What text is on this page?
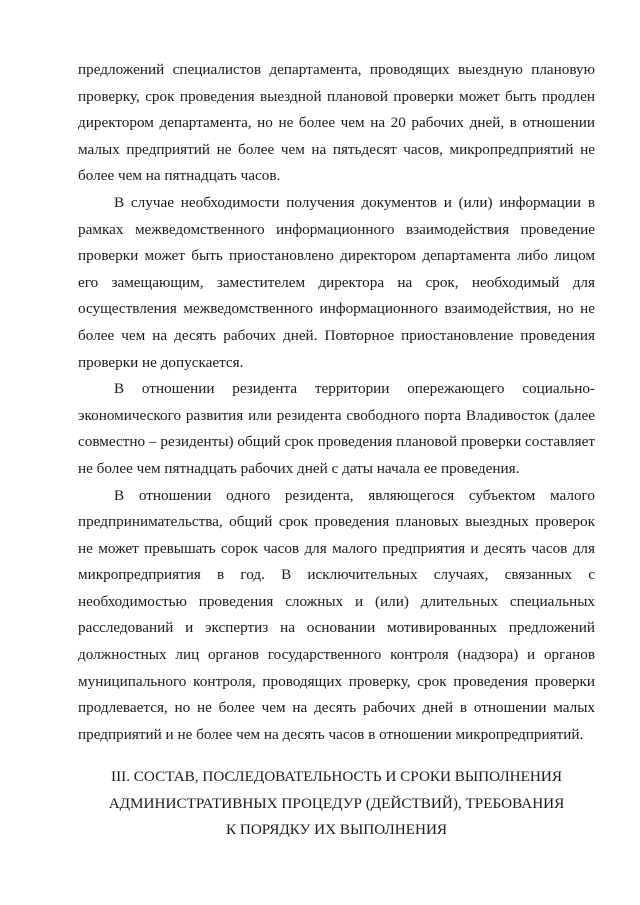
предложений специалистов департамента, проводящих выездную плановую проверку, срок проведения выездной плановой проверки может быть продлен директором департамента, но не более чем на 20 рабочих дней, в отношении малых предприятий не более чем на пятьдесят часов, микропредприятий не более чем на пятнадцать часов.

В случае необходимости получения документов и (или) информации в рамках межведомственного информационного взаимодействия проведение проверки может быть приостановлено директором департамента либо лицом его замещающим, заместителем директора на срок, необходимый для осуществления межведомственного информационного взаимодействия, но не более чем на десять рабочих дней. Повторное приостановление проведения проверки не допускается.

В отношении резидента территории опережающего социально-экономического развития или резидента свободного порта Владивосток (далее совместно – резиденты) общий срок проведения плановой проверки составляет не более чем пятнадцать рабочих дней с даты начала ее проведения.

В отношении одного резидента, являющегося субъектом малого предпринимательства, общий срок проведения плановых выездных проверок не может превышать сорок часов для малого предприятия и десять часов для микропредприятия в год. В исключительных случаях, связанных с необходимостью проведения сложных и (или) длительных специальных расследований и экспертиз на основании мотивированных предложений должностных лиц органов государственного контроля (надзора) и органов муниципального контроля, проводящих проверку, срок проведения проверки продлевается, но не более чем на десять рабочих дней в отношении малых предприятий и не более чем на десять часов в отношении микропредприятий.

III. СОСТАВ, ПОСЛЕДОВАТЕЛЬНОСТЬ И СРОКИ ВЫПОЛНЕНИЯ
АДМИНИСТРАТИВНЫХ ПРОЦЕДУР (ДЕЙСТВИЙ), ТРЕБОВАНИЯ
К ПОРЯДКУ ИХ ВЫПОЛНЕНИЯ
